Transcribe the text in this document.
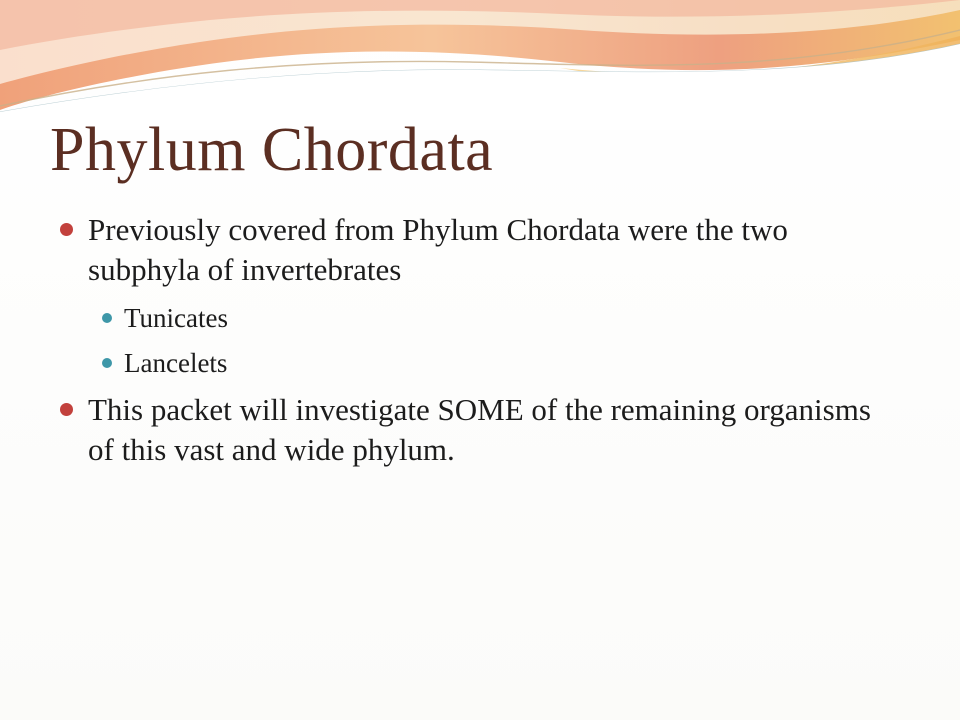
Phylum Chordata
Previously covered from Phylum Chordata were the two subphyla of invertebrates
Tunicates
Lancelets
This packet will investigate SOME of the remaining organisms of this vast and wide phylum.
